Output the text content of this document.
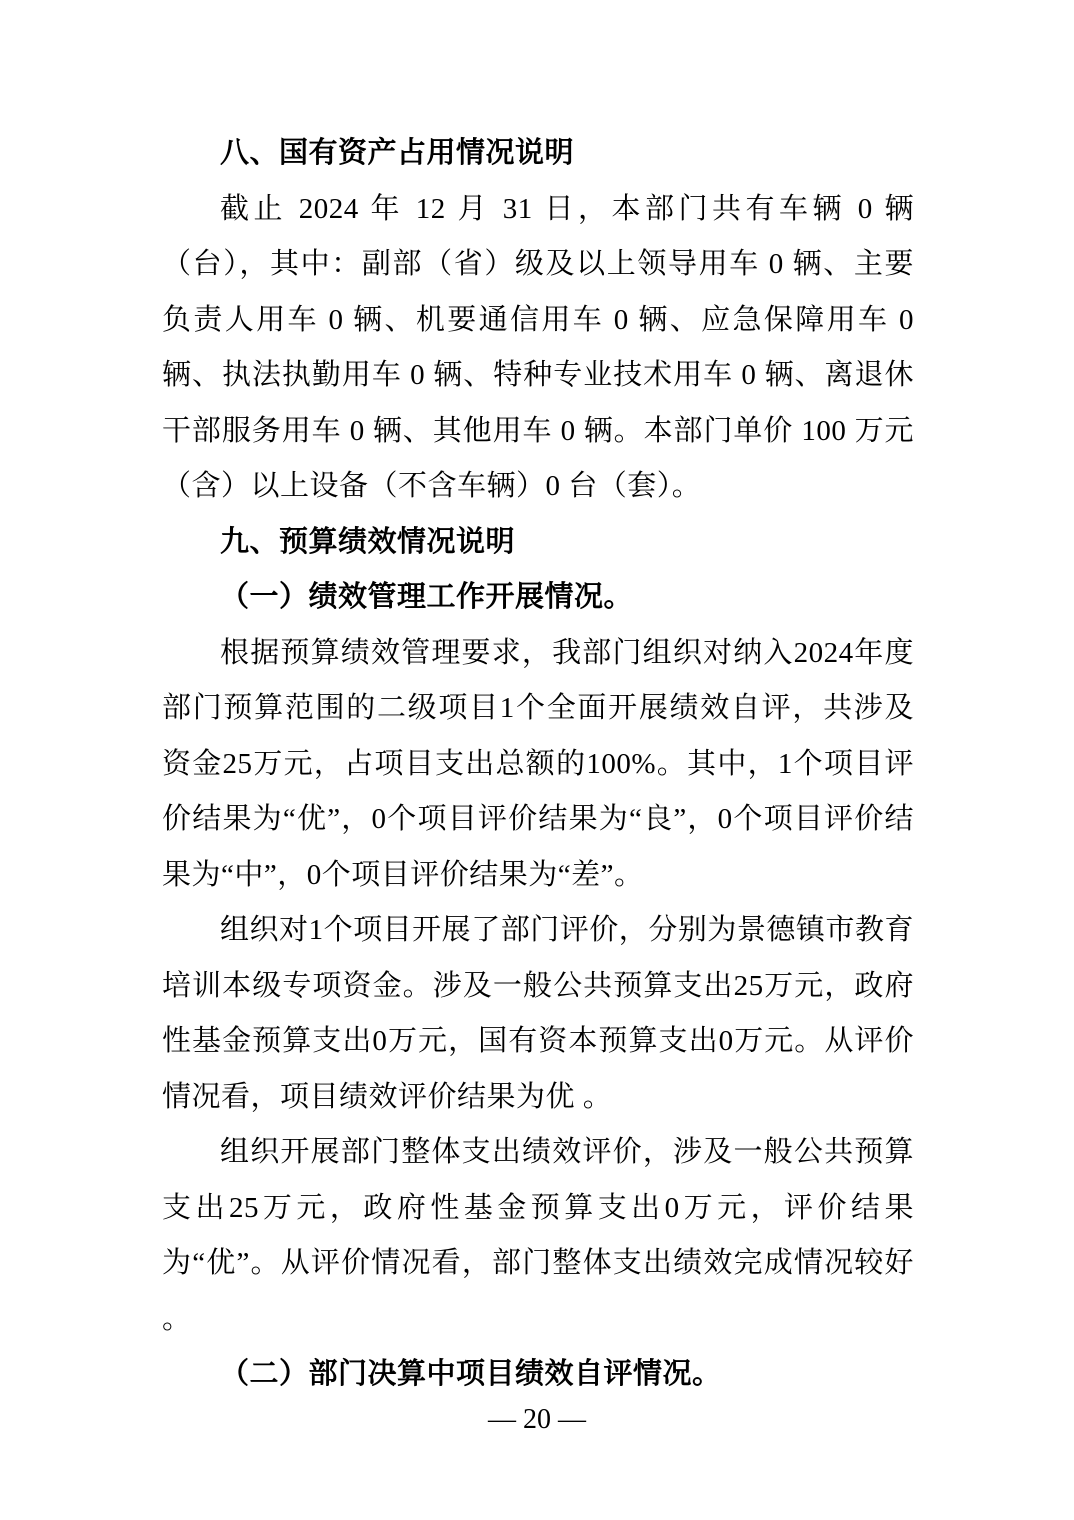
八、国有资产占用情况说明

截止 2024 年 12 月 31 日，本部门共有车辆 0 辆（台），其中：副部（省）级及以上领导用车 0 辆、主要负责人用车 0 辆、机要通信用车 0 辆、应急保障用车 0 辆、执法执勤用车 0 辆、特种专业技术用车 0 辆、离退休干部服务用车 0 辆、其他用车 0 辆。本部门单价 100 万元（含）以上设备（不含车辆）0 台（套）。

九、预算绩效情况说明
（一）绩效管理工作开展情况。

根据预算绩效管理要求，我部门组织对纳入2024年度部门预算范围的二级项目1个全面开展绩效自评，共涉及资金25万元，占项目支出总额的100%。其中，1个项目评价结果为“优”，0个项目评价结果为“良”，0个项目评价结果为“中”，0个项目评价结果为“差”。

组织对1个项目开展了部门评价，分别为景德镇市教育培训本级专项资金。涉及一般公共预算支出25万元，政府性基金预算支出0万元，国有资本预算支出0万元。从评价情况看，项目绩效评价结果为优 。

组织开展部门整体支出绩效评价，涉及一般公共预算支出25万元，政府性基金预算支出0万元，评价结果为“优”。从评价情况看，部门整体支出绩效完成情况较好 。

（二）部门决算中项目绩效自评情况。
— 20 —
